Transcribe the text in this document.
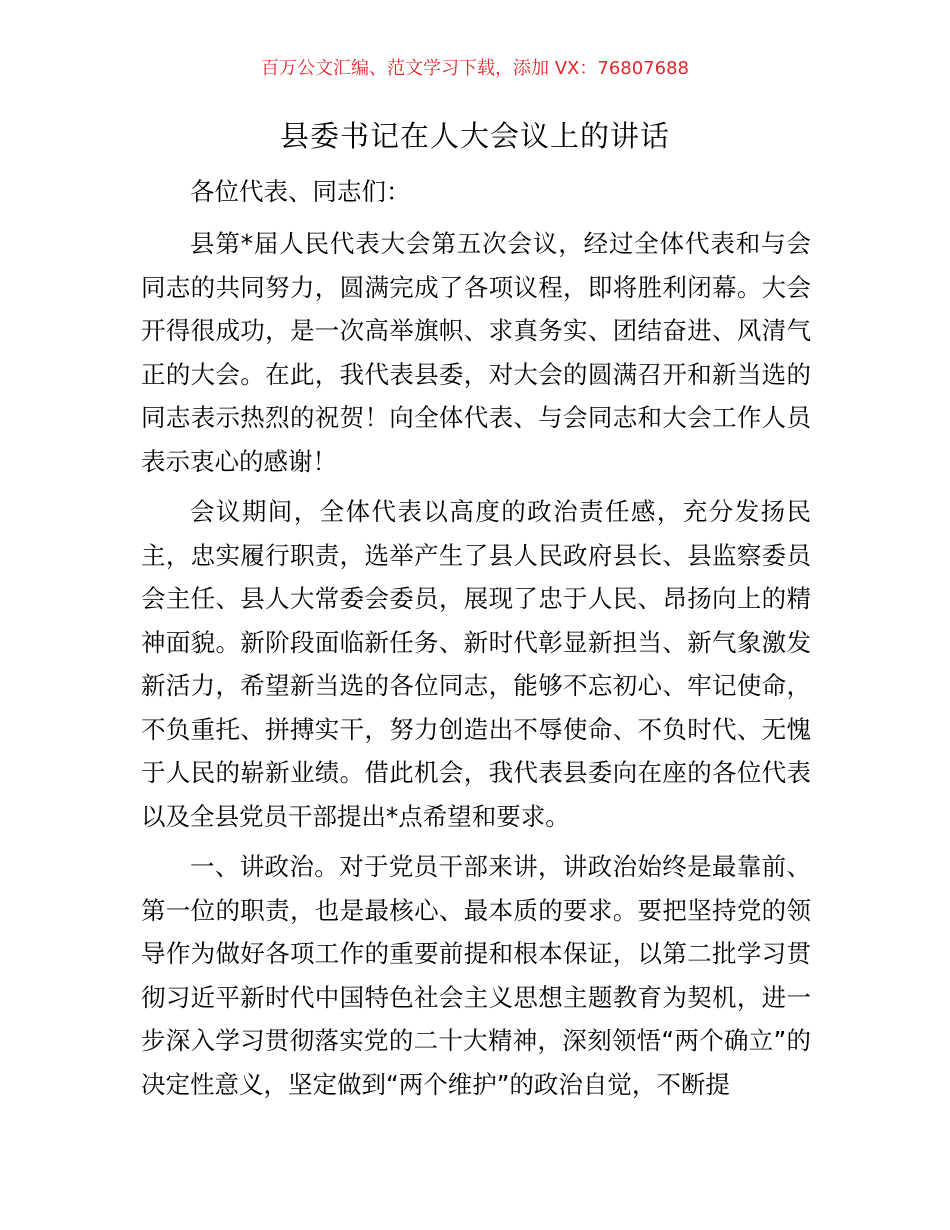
百万公文汇编、范文学习下载，添加 VX：76807688
县委书记在人大会议上的讲话
各位代表、同志们：

县第*届人民代表大会第五次会议，经过全体代表和与会同志的共同努力，圆满完成了各项议程，即将胜利闭幕。大会开得很成功，是一次高举旗帜、求真务实、团结奋进、风清气正的大会。在此，我代表县委，对大会的圆满召开和新当选的同志表示热烈的祝贺！向全体代表、与会同志和大会工作人员表示衷心的感谢！

会议期间，全体代表以高度的政治责任感，充分发扬民主，忠实履行职责，选举产生了县人民政府县长、县监察委员会主任、县人大常委会委员，展现了忠于人民、昂扬向上的精神面貌。新阶段面临新任务、新时代彰显新担当、新气象激发新活力，希望新当选的各位同志，能够不忘初心、牢记使命，不负重托、拼搏实干，努力创造出不辱使命、不负时代、无愧于人民的崭新业绩。借此机会，我代表县委向在座的各位代表以及全县党员干部提出*点希望和要求。

一、讲政治。对于党员干部来讲，讲政治始终是最靠前、第一位的职责，也是最核心、最本质的要求。要把坚持党的领导作为做好各项工作的重要前提和根本保证，以第二批学习贯彻习近平新时代中国特色社会主义思想主题教育为契机，进一步深入学习贯彻落实党的二十大精神，深刻领悟“两个确立”的决定性意义，坚定做到“两个维护”的政治自觉，不断提
